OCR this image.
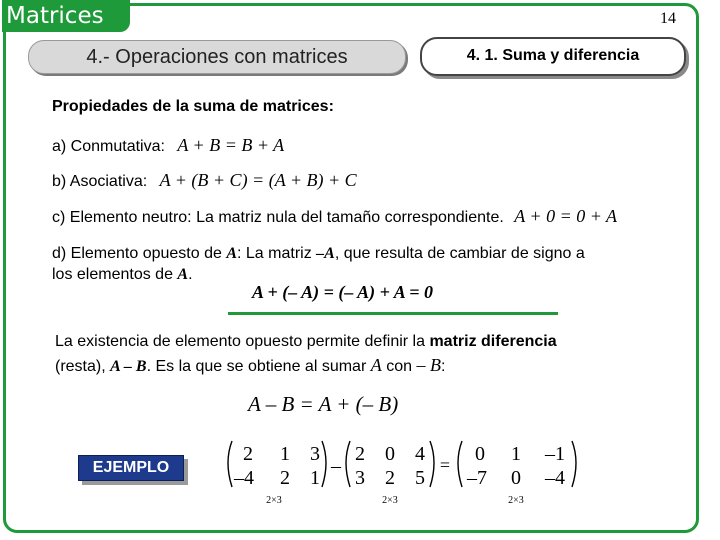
Matrices	14
4.- Operaciones con matrices	4. 1. Suma y diferencia
Propiedades de la suma de matrices:
a) Conmutativa: A + B = B + A
b) Asociativa: A + (B + C) = (A + B) + C
c) Elemento neutro: La matriz nula del tamaño correspondiente. A + 0 = 0 + A
d) Elemento opuesto de A: La matriz –A, que resulta de cambiar de signo a
los elementos de A.
A + (– A) = (– A) + A = 0
La existencia de elemento opuesto permite definir la matriz diferencia
(resta), A – B. Es la que se obtiene al sumar A con – B:
A – B = A + (– B)
EJEMPLO
2 1 3
–4 2 1
2×3
–
2 0 4
3 2 5
2×3
= 0 1 –1
–7 0 –4
2×3
